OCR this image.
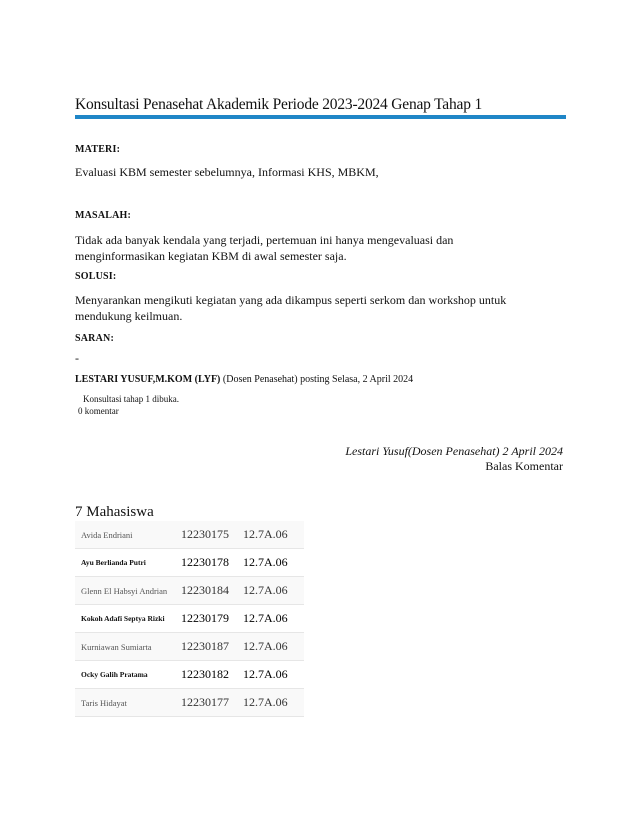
Konsultasi Penasehat Akademik Periode 2023-2024 Genap Tahap 1
MATERI:
Evaluasi KBM semester sebelumnya, Informasi KHS, MBKM,
MASALAH:
Tidak ada banyak kendala yang terjadi, pertemuan ini hanya mengevaluasi dan menginformasikan kegiatan KBM di awal semester saja.
SOLUSI:
Menyarankan mengikuti kegiatan yang ada dikampus seperti serkom dan workshop untuk mendukung keilmuan.
SARAN:
-
LESTARI YUSUF,M.KOM (LYF) (Dosen Penasehat) posting Selasa, 2 April 2024
Konsultasi tahap 1 dibuka.
0 komentar
Lestari Yusuf(Dosen Penasehat) 2 April 2024
Balas Komentar
7 Mahasiswa
Avida Endriani	12230175	12.7A.06
Ayu Berlianda Putri	12230178	12.7A.06
Glenn El Habsyi Andrian	12230184	12.7A.06
Kokoh Adafi Septya Rizki	12230179	12.7A.06
Kurniawan Sumiarta	12230187	12.7A.06
Ocky Galih Pratama	12230182	12.7A.06
Taris Hidayat	12230177	12.7A.06
